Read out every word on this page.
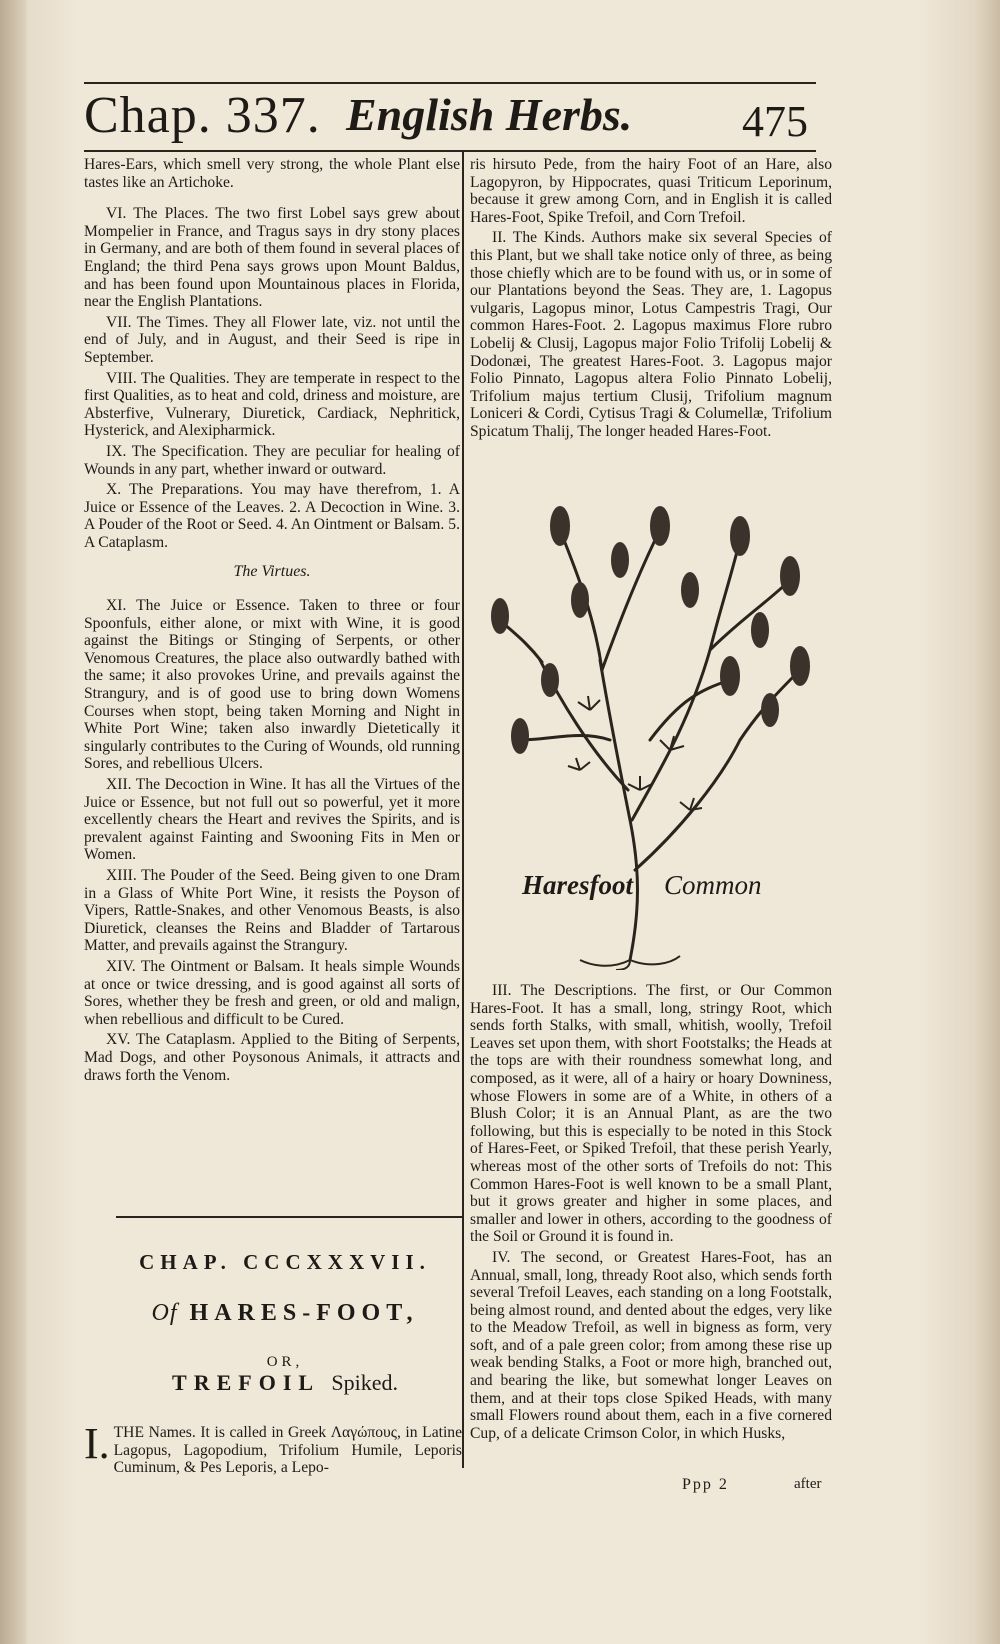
Chap. 337. English Herbs. 475

Hares-Ears, which smell very strong, the whole Plant else tastes like an Artichoke.

VI. The Places. The two first Lobel says grew about Mompelier in France, and Tragus says in dry stony places in Germany, and are both of them found in several places of England; the third Pena says grows upon Mount Baldus, and has been found upon Mountainous places in Florida, near the English Plantations.

VII. The Times. They all Flower late, viz. not until the end of July, and in August, and their Seed is ripe in September.

VIII. The Qualities. They are temperate in respect to the first Qualities, as to heat and cold, driness and moisture, are Absterfive, Vulnerary, Diuretick, Cardiack, Nephritick, Hysterick, and Alexipharmick.

IX. The Specification. They are peculiar for healing of Wounds in any part, whether inward or outward.

X. The Preparations. You may have therefrom, 1. A Juice or Essence of the Leaves. 2. A Decoction in Wine. 3. A Pouder of the Root or Seed. 4. An Ointment or Balsam. 5. A Cataplasm.

The Virtues.

XI. The Juice or Essence. Taken to three or four Spoonfuls, either alone, or mixt with Wine, it is good against the Bitings or Stinging of Serpents, or other Venomous Creatures, the place also outwardly bathed with the same; it also provokes Urine, and prevails against the Strangury, and is of good use to bring down Womens Courses when stopt, being taken Morning and Night in White Port Wine; taken also inwardly Dietetically it singularly contributes to the Curing of Wounds, old running Sores, and rebellious Ulcers.

XII. The Decoction in Wine. It has all the Virtues of the Juice or Essence, but not full out so powerful, yet it more excellently chears the Heart and revives the Spirits, and is prevalent against Fainting and Swooning Fits in Men or Women.

XIII. The Pouder of the Seed. Being given to one Dram in a Glass of White Port Wine, it resists the Poyson of Vipers, Rattle-Snakes, and other Venomous Beasts, is also Diuretick, cleanses the Reins and Bladder of Tartarous Matter, and prevails against the Strangury.

XIV. The Ointment or Balsam. It heals simple Wounds at once or twice dressing, and is good against all sorts of Sores, whether they be fresh and green, or old and malign, when rebellious and difficult to be Cured.

XV. The Cataplasm. Applied to the Biting of Serpents, Mad Dogs, and other Poysonous Animals, it attracts and draws forth the Venom.

CHAP. CCCXXXVII.
Of HARES-FOOT,
OR,
TREFOIL Spiked.
I. THE Names. It is called in Greek Λαγώπους, in Latine Lagopus, Lagopodium, Trifolium Humile, Leporis Cuminum, & Pes Leporis, a Lepo-

ris hirsuto Pede, from the hairy Foot of an Hare, also Lagopyron, by Hippocrates, quasi Triticum Leporinum, because it grew among Corn, and in English it is called Hares-Foot, Spike Trefoil, and Corn Trefoil.

II. The Kinds. Authors make six several Species of this Plant, but we shall take notice only of three, as being those chiefly which are to be found with us, or in some of our Plantations beyond the Seas. They are, 1. Lagopus vulgaris, Lagopus minor, Lotus Campestris Tragi, Our common Hares-Foot. 2. Lagopus maximus Flore rubro Lobelij & Clusij, Lagopus major Folio Trifolij Lobelij & Dodonæi, The greatest Hares-Foot. 3. Lagopus major Folio Pinnato, Lagopus altera Folio Pinnato Lobelij, Trifolium majus tertium Clusij, Trifolium magnum Loniceri & Cordi, Cytisus Tragi & Columellæ, Trifolium Spicatum Thalij, The longer headed Hares-Foot.

Haresfoot Common

III. The Descriptions. The first, or Our Common Hares-Foot. It has a small, long, stringy Root, which sends forth Stalks, with small, whitish, woolly, Trefoil Leaves set upon them, with short Footstalks; the Heads at the tops are with their roundness somewhat long, and composed, as it were, all of a hairy or hoary Downiness, whose Flowers in some are of a White, in others of a Blush Color; it is an Annual Plant, as are the two following, but this is especially to be noted in this Stock of Hares-Feet, or Spiked Trefoil, that these perish Yearly, whereas most of the other sorts of Trefoils do not: This Common Hares-Foot is well known to be a small Plant, but it grows greater and higher in some places, and smaller and lower in others, according to the goodness of the Soil or Ground it is found in.

IV. The second, or Greatest Hares-Foot, has an Annual, small, long, thready Root also, which sends forth several Trefoil Leaves, each standing on a long Footstalk, being almost round, and dented about the edges, very like to the Meadow Trefoil, as well in bigness as form, very soft, and of a pale green color; from among these rise up weak bending Stalks, a Foot or more high, branched out, and bearing the like, but somewhat longer Leaves on them, and at their tops close Spiked Heads, with many small Flowers round about them, each in a five cornered Cup, of a delicate Crimson Color, in which Husks,

Ppp 2	after
